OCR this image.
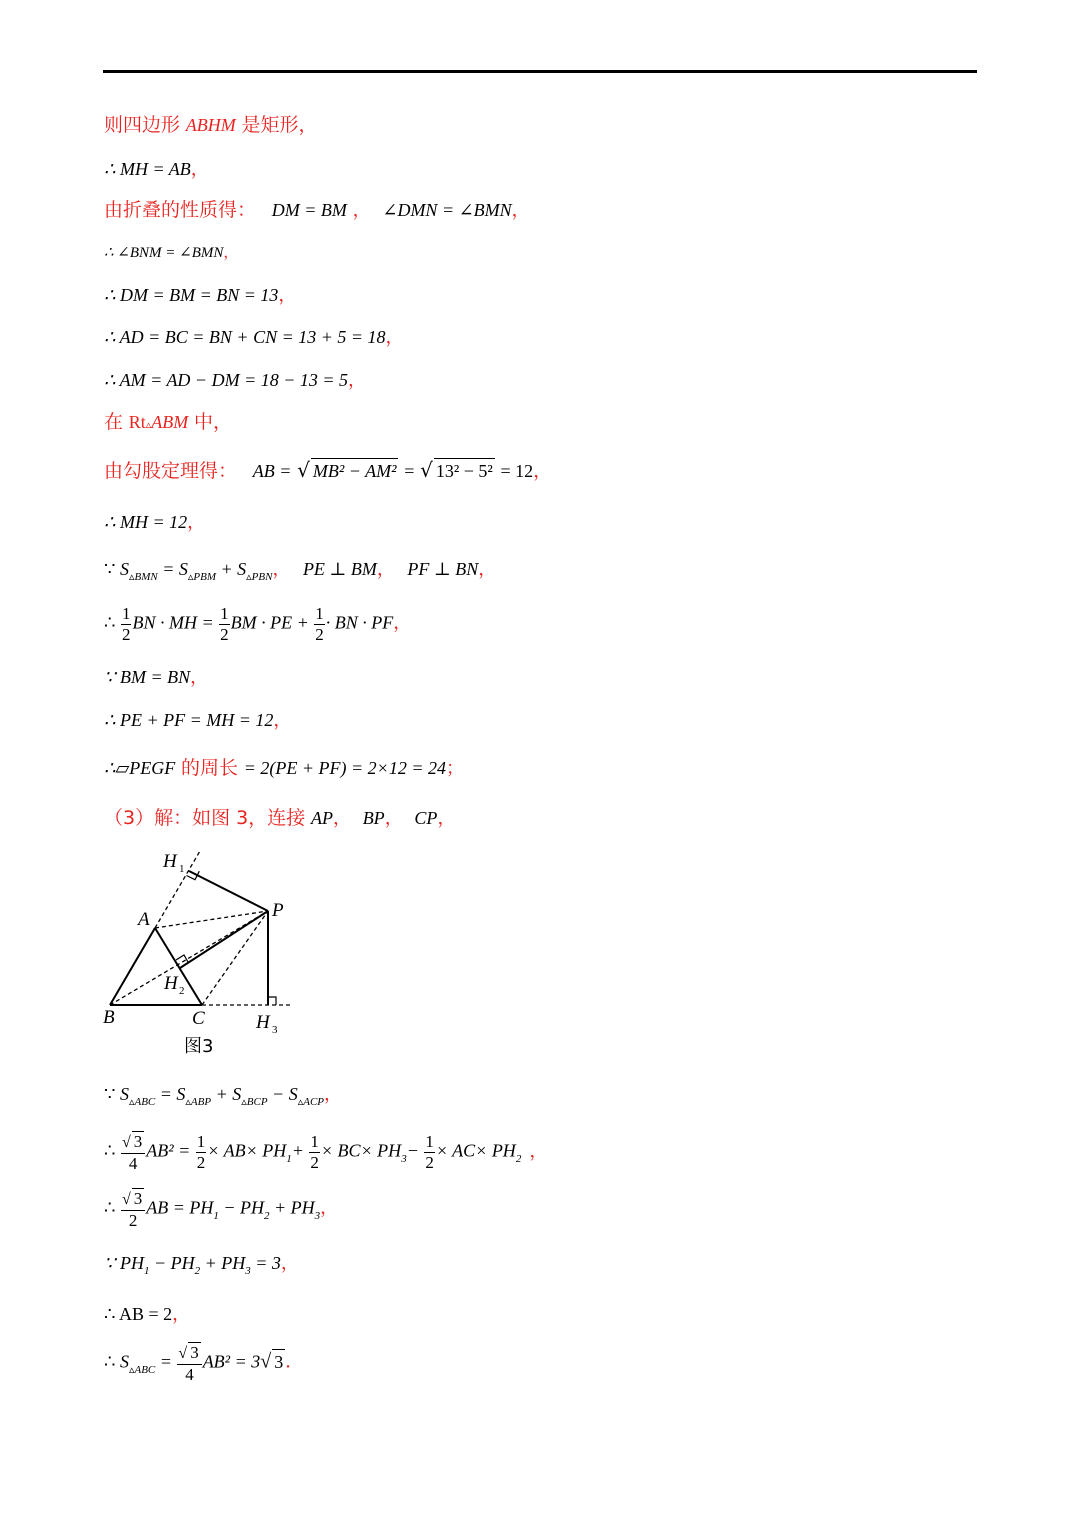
则四边形 ABHM 是矩形，
∴ MH = AB，
由折叠的性质得： DM = BM ， ∠DMN = ∠BMN，
∴ ∠BNM = ∠BMN，
∴ DM = BM = BN = 13，
∴ AD = BC = BN + CN = 13 + 5 = 18，
∴ AM = AD − DM = 18 − 13 = 5，
在 Rt▵ABM 中，
由勾股定理得： AB = √ MB² − AM² = √ 13² − 5² = 12，
∴ MH = 12，
∵ $S_{▵BMN} = S_{▵PBM} + S_{▵PBN}$， PE ⊥ BM， PF ⊥ BN，
∴ $\frac{1}{2}$ BN · MH = $\frac{1}{2}$ BM · PE + $\frac{1}{2}$ · BN · PF，
∵ BM = BN，
∴ PE + PF = MH = 12，
∴▱PEGF 的周长 = 2(PE + PF) = 2×12 = 24；
（3）解：如图 3，连接 AP， BP， CP，
H 1
A	P
H 2
B	C	H 3
图3
∵ $S_{▵ABC} = S_{▵ABP} + S_{▵BCP} - S_{▵ACP}$，
∴ $\frac{√ 3}{4} AB^2 = \frac{1}{2} \times AB\times PH_1+ \frac{1}{2} \times BC\times PH_3- \frac{1}{2} \times AC\times PH_2$ ，
∴ $\frac{√ 3}{2}$ AB = $PH_1 - PH_2 + PH_3$，
∵ $PH_1 - PH_2 + PH_3 = 3$，
∴ AB = 2，
∴ $S_{▵ABC} = \frac{√ 3}{4} AB^2 = 3√$ 3 ．
